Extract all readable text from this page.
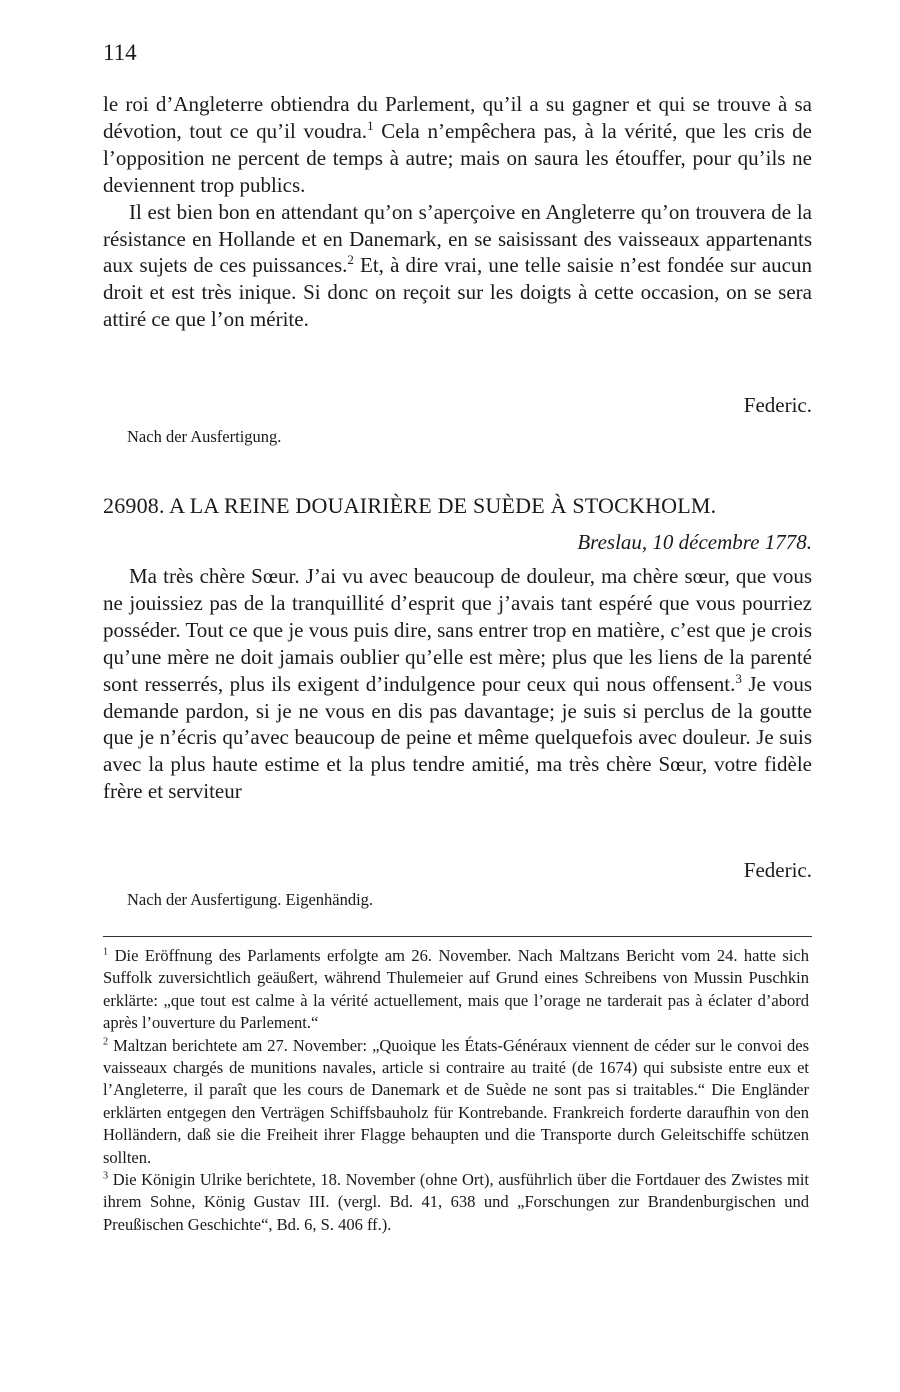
114

le roi d’Angleterre obtiendra du Parlement, qu’il a su gagner et qui se trouve à sa dévotion, tout ce qu’il voudra.$^1$ Cela n’empêchera pas, à la vérité, que les cris de l’opposition ne percent de temps à autre; mais on saura les étouffer, pour qu’ils ne deviennent trop publics.

Il est bien bon en attendant qu’on s’aperçoive en Angleterre qu’on trouvera de la résistance en Hollande et en Danemark, en se saisissant des vaisseaux appartenants aux sujets de ces puissances.$^2$ Et, à dire vrai, une telle saisie n’est fondée sur aucun droit et est très inique. Si donc on reçoit sur les doigts à cette occasion, on se sera attiré ce que l’on mérite.

Federic.
Nach der Ausfertigung.
26908. A LA REINE DOUAIRIÈRE DE SUÈDE À STOCKHOLM.
Breslau, 10 décembre 1778.

Ma très chère Sœur. J’ai vu avec beaucoup de douleur, ma chère sœur, que vous ne jouissiez pas de la tranquillité d’esprit que j’avais tant espéré que vous pourriez posséder. Tout ce que je vous puis dire, sans entrer trop en matière, c’est que je crois qu’une mère ne doit jamais oublier qu’elle est mère; plus que les liens de la parenté sont resserrés, plus ils exigent d’indulgence pour ceux qui nous offensent.$^3$ Je vous demande pardon, si je ne vous en dis pas davantage; je suis si perclus de la goutte que je n’écris qu’avec beaucoup de peine et même quelquefois avec douleur. Je suis avec la plus haute estime et la plus tendre amitié, ma très chère Sœur, votre fidèle frère et serviteur

Federic.
Nach der Ausfertigung. Eigenhändig.

$^1$ Die Eröffnung des Parlaments erfolgte am 26. November. Nach Maltzans Bericht vom 24. hatte sich Suffolk zuversichtlich geäußert, während Thulemeier auf Grund eines Schreibens von Mussin Puschkin erklärte: „que tout est calme à la vérité actuellement, mais que l’orage ne tarderait pas à éclater d’abord après l’ouverture du Parlement.“

$^2$ Maltzan berichtete am 27. November: „Quoique les États-Généraux viennent de céder sur le convoi des vaisseaux chargés de munitions navales, article si contraire au traité (de 1674) qui subsiste entre eux et l’Angleterre, il paraît que les cours de Danemark et de Suède ne sont pas si traitables.“ Die Engländer erklärten entgegen den Verträgen Schiffsbauholz für Kontrebande. Frankreich forderte daraufhin von den Holländern, daß sie die Freiheit ihrer Flagge behaupten und die Transporte durch Geleitschiffe schützen sollten.

$^3$ Die Königin Ulrike berichtete, 18. November (ohne Ort), ausführlich über die Fortdauer des Zwistes mit ihrem Sohne, König Gustav III. (vergl. Bd. 41, 638 und „Forschungen zur Brandenburgischen und Preußischen Geschichte“, Bd. 6, S. 406 ff.).
